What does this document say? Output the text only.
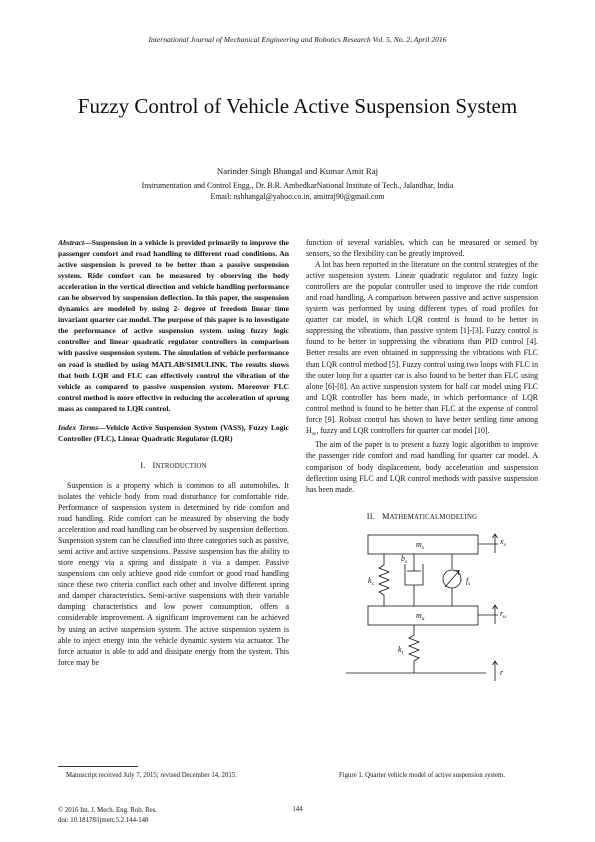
International Journal of Mechanical Engineering and Robotics Research Vol. 5, No. 2, April 2016
Fuzzy Control of Vehicle Active Suspension System
Narinder Singh Bhangal and Kumar Amit Raj
Instrumentation and Control Engg., Dr. B.R. AmbedkarNational Institute of Tech., Jalandhar, India
Email: nsbhangal@yahoo.co.in, amitraj90@gmail.com

Abstract—Suspension in a vehicle is provided primarily to improve the passenger comfort and road handling to different road conditions. An active suspension is proved to be better than a passive suspension system. Ride comfort can be measured by observing the body acceleration in the vertical direction and vehicle handling performance can be observed by suspension deflection. In this paper, the suspension dynamics are modeled by using 2- degree of freedom linear time invariant quarter car model. The purpose of this paper is to investigate the performance of active suspension system using fuzzy logic controller and linear quadratic regulator controllers in comparison with passive suspension system. The simulation of vehicle performance on road is studied by using MATLAB/SIMULINK. The results shows that both LQR and FLC can effectively control the vibration of the vehicle as compared to passive suspension system. Moreover FLC control method is more effective in reducing the acceleration of sprung mass as compared to LQR control.

Index Terms—Vehicle Active Suspension System (VASS), Fuzzy Logic Controller (FLC), Linear Quadratic Regulator (LQR)

I. INTRODUCTION

Suspension is a property which is common to all automobiles. It isolates the vehicle body from road disturbance for comfortable ride. Performance of suspension system is determined by ride comfort and road handling. Ride comfort can be measured by observing the body acceleration and road handling can be observed by suspension deflection. Suspension system can be classified into three categories such as passive, semi active and active suspensions. Passive suspension has the ability to store energy via a spring and dissipate it via a damper. Passive suspensions can only achieve good ride comfort or good road handling since these two criteria conflict each other and involve different spring and damper characteristics. Semi-active suspensions with their variable damping characteristics and low power consumption, offers a considerable improvement. A significant improvement can be achieved by using an active suspension system. The active suspension system is able to inject energy into the vehicle dynamic system via actuator. The force actuator is able to add and dissipate energy from the system. This force may be

function of several variables, which can be measured or sensed by sensors, so the flexibility can be greatly improved.

A lot has been reported in the literature on the control strategies of the active suspension system. Linear quadratic regulator and fuzzy logic controllers are the popular controller used to improve the ride comfort and road handling. A comparison between passive and active suspension system was performed by using different types of road profiles for quarter car model, in which LQR control is found to be better in suppressing the vibrations, than passive system [1]-[3]. Fuzzy control is found to be better in suppressing the vibrations than PID control [4]. Better results are even obtained in suppressing the vibrations with FLC than LQR control method [5]. Fuzzy control using two loops with FLC in the outer loop for a quarter car is also found to be better than FLC using alone [6]-[8]. An active suspension system for half car model using FLC and LQR controller has been made, in which performance of LQR control method is found to be better than FLC at the expense of control force [9]. Robust control has shown to have better settling time among $H_\infty$, fuzzy and LQR controllers for quarter car model [10].

The aim of the paper is to present a fuzzy logic algorithm to improve the passenger ride comfort and road handling for quarter car model. A comparison of body displacement, body acceleration and suspension deflection using FLC and LQR control methods with passive suspension has been made.

II. MATHEMATICALMODELING
$m_s$
$x_s$
$k_s$
$b_s$
$f_s$
$m_u$
$r_u$
$k_t$
r
Manuscript received July 7, 2015; revised December 14, 2015.	Figure 1. Quarter vehicle model of active suspension system.
© 2016 Int. J. Mech. Eng. Rob. Res.
doi: 10.18178/ijmerr.5.2.144-148
144
